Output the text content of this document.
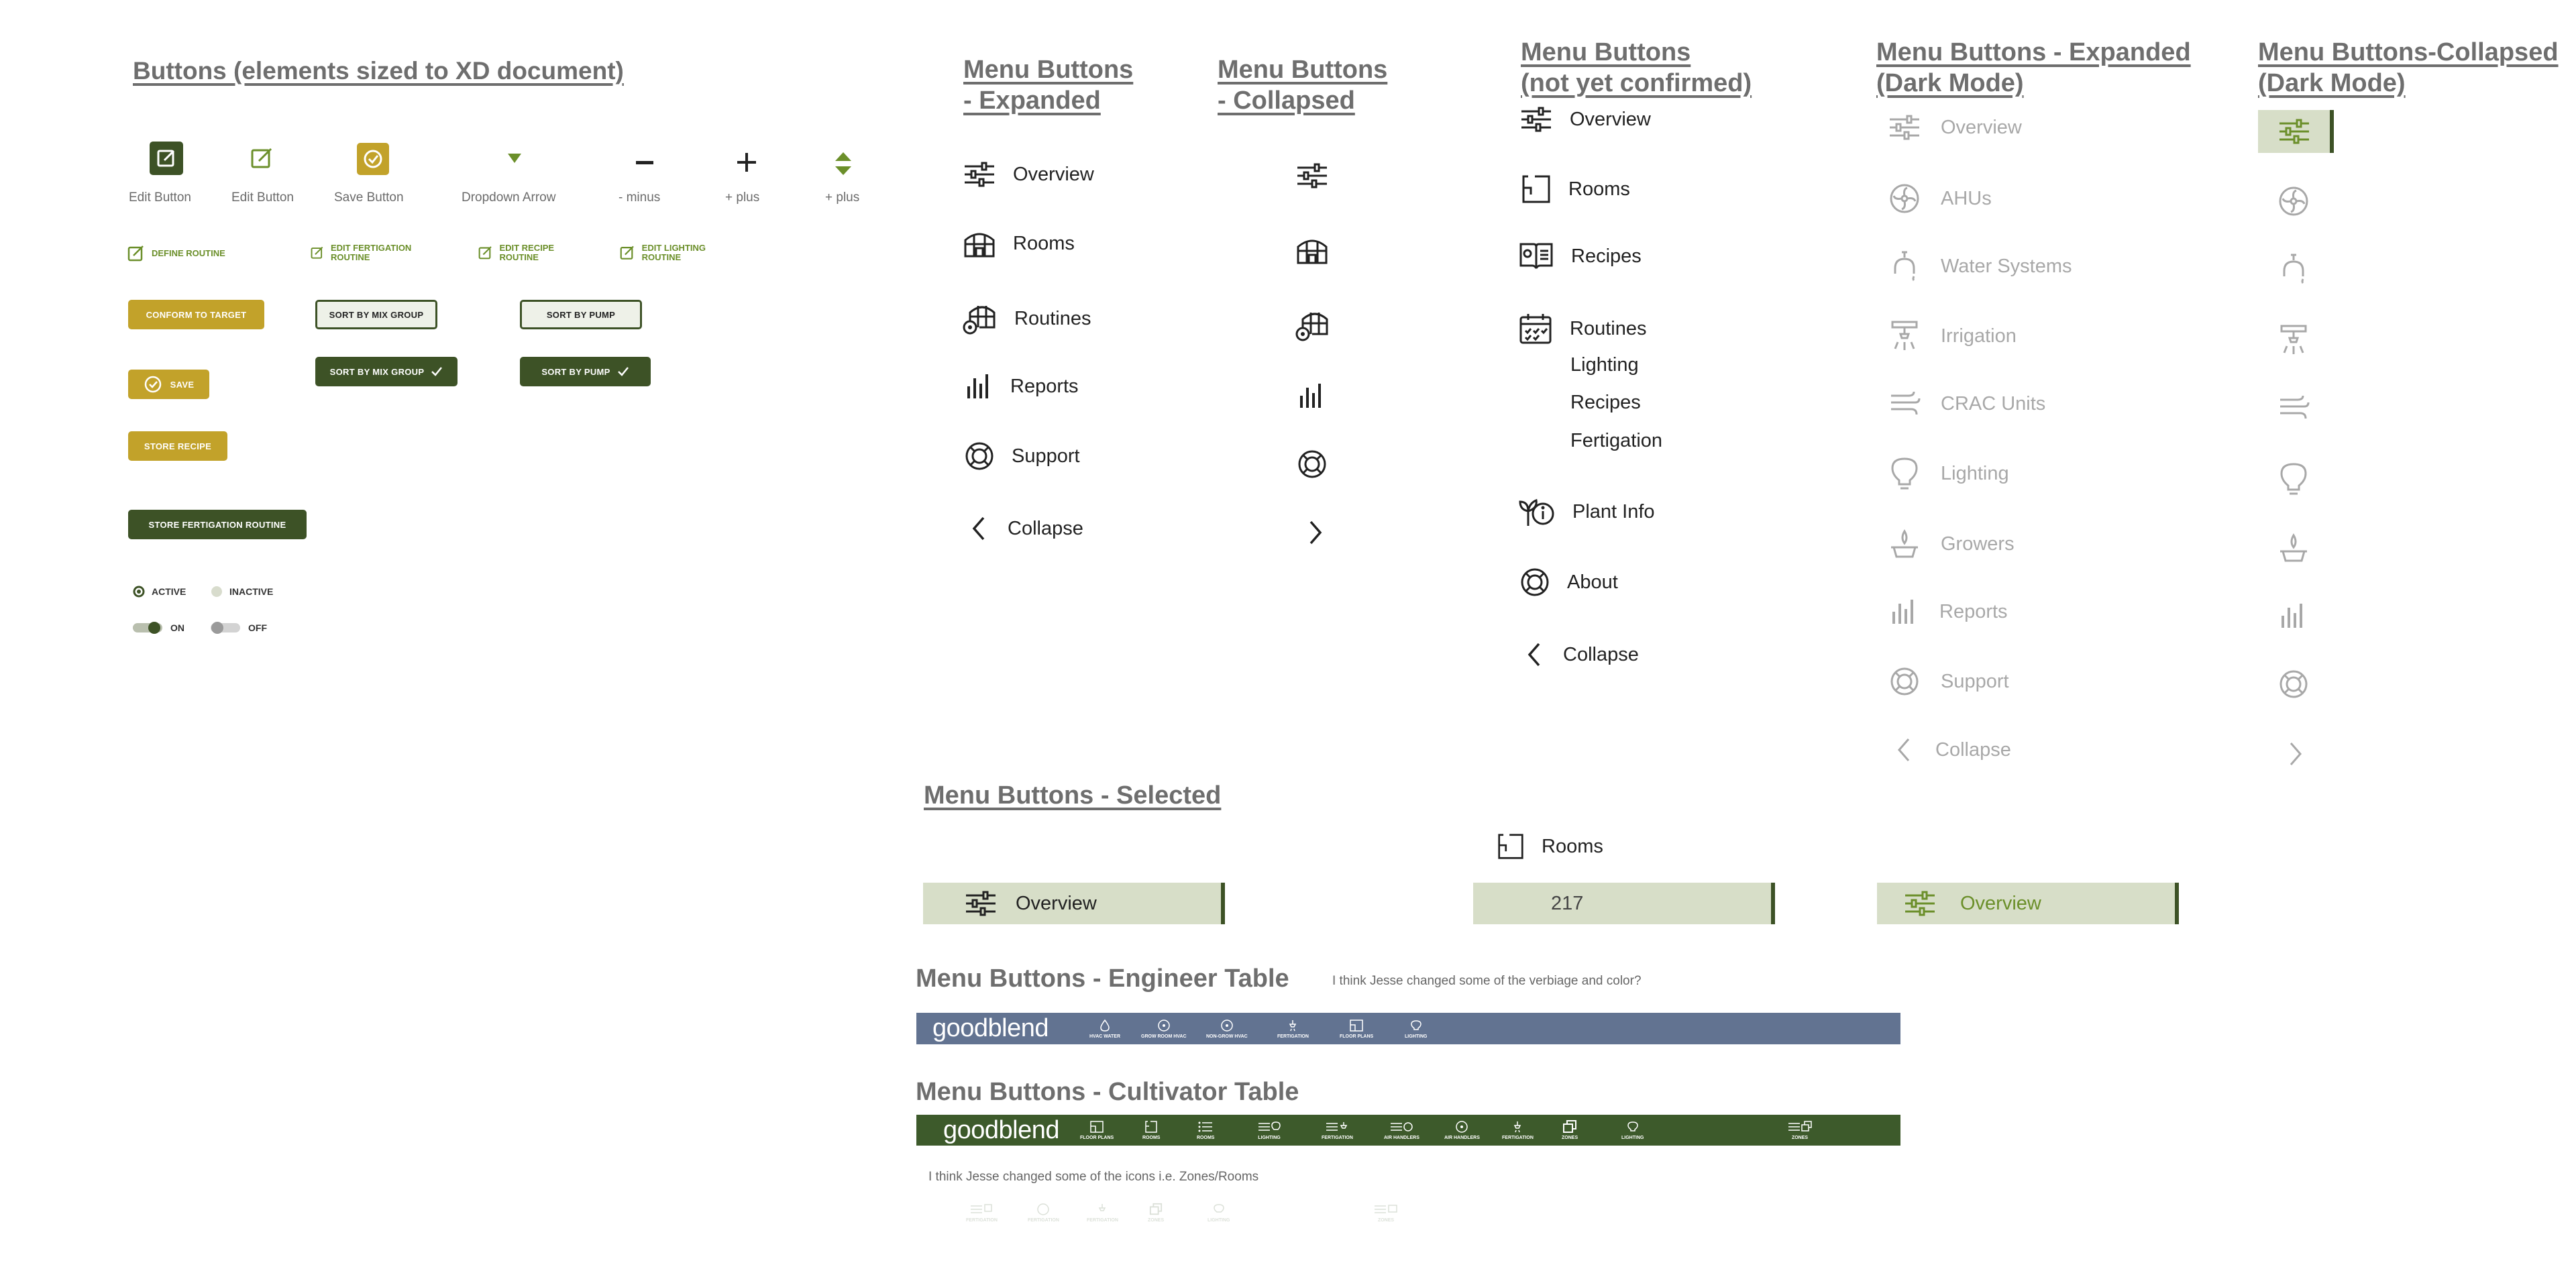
Buttons (elements sized to XD document)
Edit Button	Edit Button	Save Button	Dropdown Arrow	- minus	+ plus	+ plus
DEFINE ROUTINE
EDIT FERTIGATION ROUTINE
EDIT RECIPE ROUTINE
EDIT LIGHTING ROUTINE
CONFORM TO TARGET	SORT BY MIX GROUP	SORT BY PUMP
SAVE
SORT BY MIX GROUP	SORT BY PUMP
STORE RECIPE
STORE FERTIGATION ROUTINE
ACTIVE	INACTIVE
ON	OFF
Menu Buttons
- Expanded
Overview
Rooms
Routines
Reports
Support
Collapse
Menu Buttons
- Collapsed
Menu Buttons
(not yet confirmed)
Overview
Rooms
Recipes
Routines
Lighting
Recipes
Fertigation
Plant Info
About
Collapse
Menu Buttons - Expanded
(Dark Mode)
Overview
AHUs
Water Systems
Irrigation
CRAC Units
Lighting
Growers
Reports
Support
Collapse
Menu Buttons-Collapsed
(Dark Mode)
Menu Buttons - Selected
Overview
Rooms
217	Overview
Menu Buttons - Engineer Table	I think Jesse changed some of the verbiage and color?
goodblend	HVAC WATER	GROW ROOM HVAC	NON-GROW HVAC	FERTIGATION	FLOOR PLANS	LIGHTING
Menu Buttons - Cultivator Table
goodblend	FLOOR PLANS	ROOMS	ROOMS	LIGHTING	FERTIGATION	AIR HANDLERS	AIR HANDLERS	FERTIGATION	ZONES	LIGHTING	ZONES
I think Jesse changed some of the icons i.e. Zones/Rooms
FERTIGATION	FERTIGATION	FERTIGATION	ZONES	LIGHTING	ZONES
